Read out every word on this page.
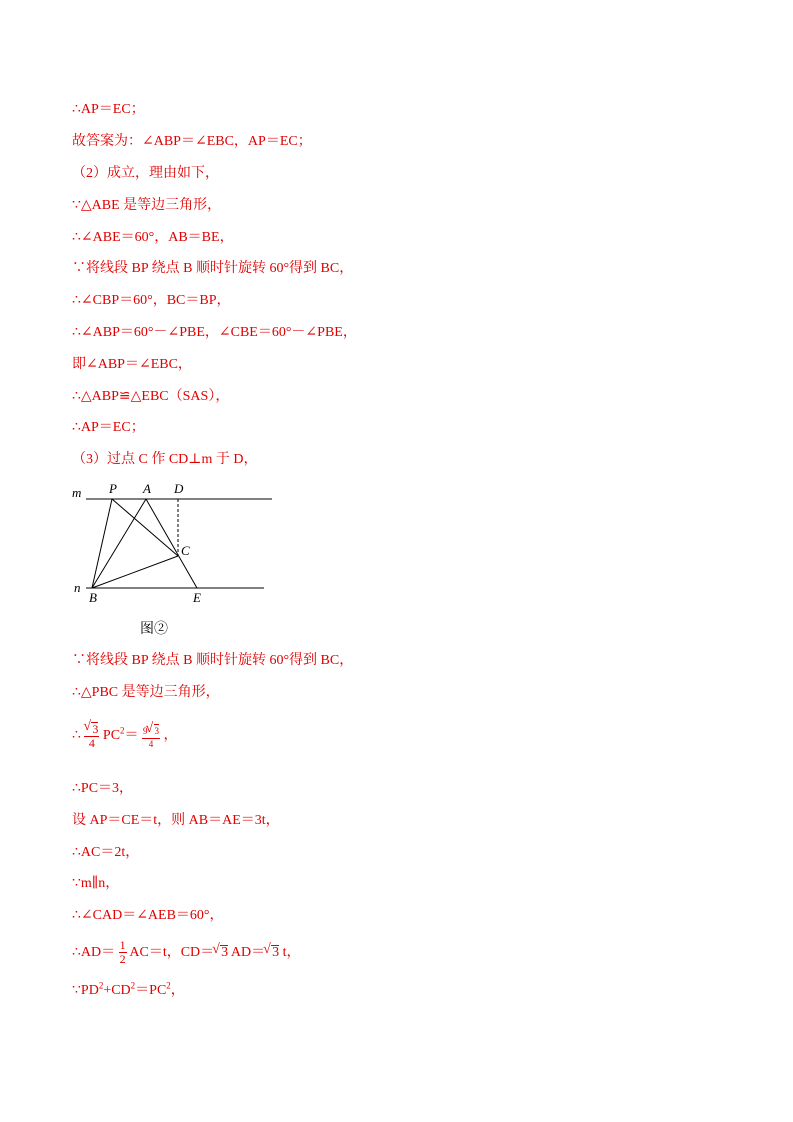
∴AP＝EC；
故答案为：∠ABP＝∠EBC，AP＝EC；
（2）成立，理由如下，
∵△ABE 是等边三角形，
∴∠ABE＝60°，AB＝BE，
∵将线段 BP 绕点 B 顺时针旋转 60°得到 BC，
∴∠CBP＝60°，BC＝BP，
∴∠ABP＝60°－∠PBE，∠CBE＝60°－∠PBE，
即∠ABP＝∠EBC，
∴△ABP≌△EBC（SAS），
∴AP＝EC；
（3）过点 C 作 CD⊥m 于 D，
m P A D
C
n
B	E
图②
∵将线段 BP 绕点 B 顺时针旋转 60°得到 BC，
∴△PBC 是等边三角形，
∴ √ $\frac{3}{4} PC^2= \frac{9 √ 3}{4}$ ，
∴PC＝3，
设 AP＝CE＝t，则 AB＝AE＝3t，
∴AC＝2t，
∵m∥n，
∴∠CAD＝∠AEB＝60°，
∴AD＝ $\frac{1}{2} AC=t$，CD＝ √ 3 AD＝ √ 3 t，
$\because PD^2+CD^2=PC^2$，
